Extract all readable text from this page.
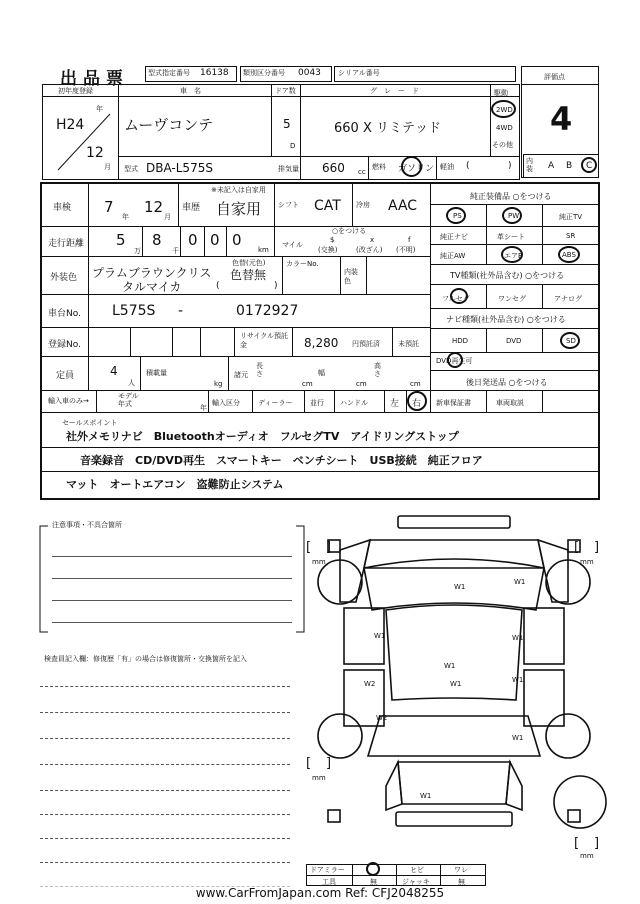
出品票	型式指定番号 16138 類別区分番号 0043 シリアル番号	評価点
4
初年度登録
年
H24
12
月
車　名
ムーヴコンテ
ドア数
5
D
グ　レ　ー　ド
660 X リミテッド
駆動
2WD
4WD
その他
型式 DBA-L575S	排気量 660 cc
燃料 ガソリン 軽油 (	) 内装	A B C
車検 7
年
12
月
車歴
※未記入は自家用
自家用 シフト CAT 冷房 AAC
走行距離 5
万
8
千
0 0 0
km
マイル
○をつける
$	x	f
(交換)	(改ざん) (不明)
外装色 プラムブラウンクリス
タルマイカ
色替(元色)
色替無
(	)
カラーNo.
内装色
車台No. L575S -	0172927
登録No.
リサイクル預託金	8,280 円預託済	未預託
定員	4
人
積載量
kg
諸元
長さ
cm
幅
cm
高さ
cm
輸入車のみ→
モデル年式	年
輸入区分	ディーラー	並行 ハンドル 左 右
純正装備品 ○をつける
PS	PW	純正TV
純正ナビ	革シート	SR
純正AW	エアB	ABS
TV種類(社外品含む) ○をつける
フルセグ	ワンセグ	アナログ
ナビ種類(社外品含む) ○をつける
HDD	DVD	SD
DVD再生可
後日発送品 ○をつける
新車保証書	車両取説
セールスポイント
社外メモリナビ　Bluetoothオーディオ　フルセグTV　アイドリングストップ
音楽録音　CD/DVD再生　スマートキー　ベンチシート　USB接続　純正フロア
マット　オートエアコン　盗難防止システム
注意事項・不具合箇所
検査員記入欄：修復歴「有」の場合は修復箇所・交換箇所を記入
W1
W1	W1
W1
W1
W1
W1
W2
W2
W1
W1
[ ]
mm
[ ]
mm
[ ]
mm
[ ]
mm
ドアミラー	ヒビ	ワレ
工具	無	ジャッキ	無
www.CarFromJapan.com Ref: CFJ2048255
